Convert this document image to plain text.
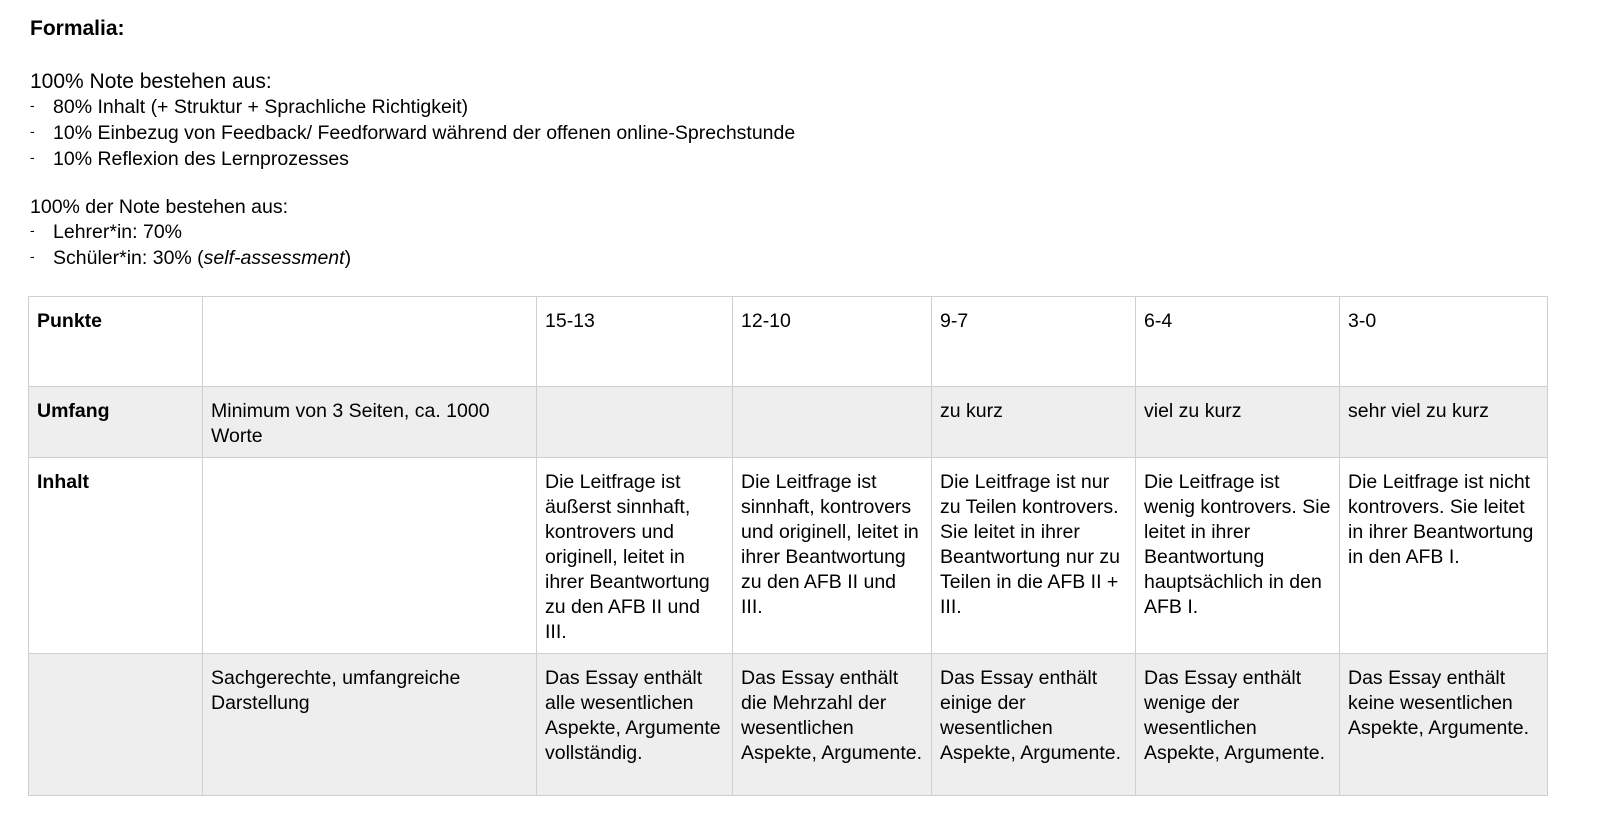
Formalia:
100% Note bestehen aus:
- 80% Inhalt (+ Struktur + Sprachliche Richtigkeit)
- 10% Einbezug von Feedback/ Feedforward während der offenen online-Sprechstunde
- 10% Reflexion des Lernprozesses
100% der Note bestehen aus:
- Lehrer*in: 70%
- Schüler*in: 30% (self-assessment)
Punkte		15-13	12-10	9-7	6-4	3-0
Umfang	Minimum von 3 Seiten, ca. 1000 Worte			zu kurz	viel zu kurz	sehr viel zu kurz
Inhalt		Die Leitfrage ist äußerst sinnhaft, kontrovers und originell, leitet in ihrer Beantwortung zu den AFB II und III.	Die Leitfrage ist sinnhaft, kontrovers und originell, leitet in ihrer Beantwortung zu den AFB II und III.	Die Leitfrage ist nur zu Teilen kontrovers. Sie leitet in ihrer Beantwortung nur zu Teilen in die AFB II + III.	Die Leitfrage ist wenig kontrovers. Sie leitet in ihrer Beantwortung hauptsächlich in den AFB I.	Die Leitfrage ist nicht kontrovers. Sie leitet in ihrer Beantwortung in den AFB I.
	Sachgerechte, umfangreiche Darstellung	Das Essay enthält alle wesentlichen Aspekte, Argumente vollständig.	Das Essay enthält die Mehrzahl der wesentlichen Aspekte, Argumente.	Das Essay enthält einige der wesentlichen Aspekte, Argumente.	Das Essay enthält wenige der wesentlichen Aspekte, Argumente.	Das Essay enthält keine wesentlichen Aspekte, Argumente.
